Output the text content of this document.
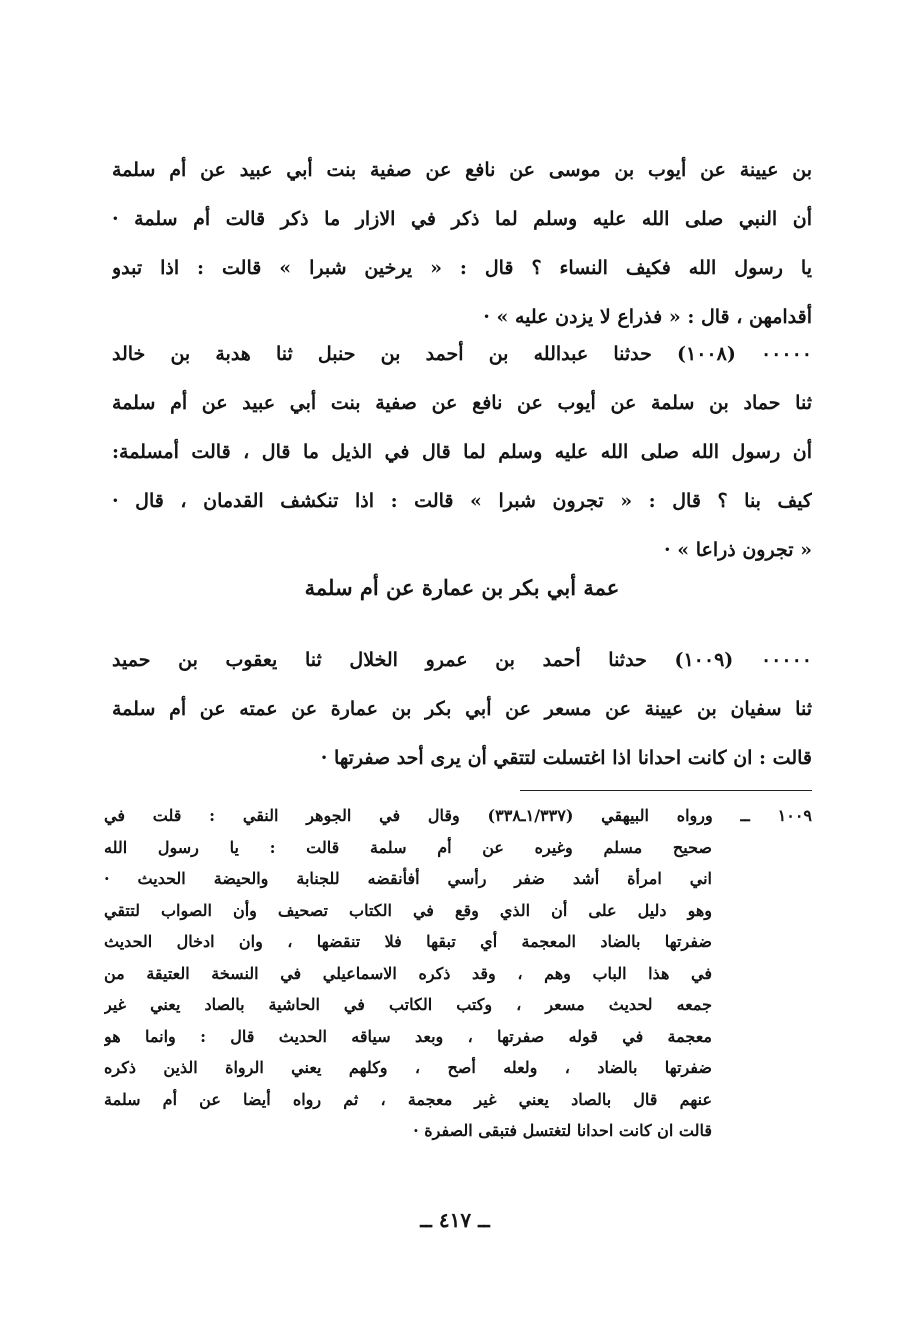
بن عيينة عن أيوب بن موسى عن نافع عن صفية بنت أبي عبيد عن أم سلمة
أن النبي صلى الله عليه وسلم لما ذكر في الازار ما ذكر قالت أم سلمة ·
يا رسول الله فكيف النساء ؟ قال : « يرخين شبرا » قالت : اذا تبدو
أقدامهن ، قال : « فذراع لا يزدن عليه » ·
٠٠٠٠٠ (١٠٠٨) حدثنا عبدالله بن أحمد بن حنبل ثنا هدبة بن خالد
ثنا حماد بن سلمة عن أيوب عن نافع عن صفية بنت أبي عبيد عن أم سلمة
أن رسول الله صلى الله عليه وسلم لما قال في الذيل ما قال ، قالت أمسلمة:
كيف بنا ؟ قال : « تجرون شبرا » قالت : اذا تنكشف القدمان ، قال ·
« تجرون ذراعا » ·
عمة أبي بكر بن عمارة عن أم سلمة
٠٠٠٠٠ (١٠٠٩) حدثنا أحمد بن عمرو الخلال ثنا يعقوب بن حميد
ثنا سفيان بن عيينة عن مسعر عن أبي بكر بن عمارة عن عمته عن أم سلمة
قالت : ان كانت احدانا اذا اغتسلت لتتقي أن يرى أحد صفرتها ·
١٠٠٩ ــ ورواه البيهقي (١/٣٣٧ـ٣٣٨) وقال في الجوهر النقي : قلت في
صحيح مسلم وغيره عن أم سلمة قالت : يا رسول الله
اني امرأة أشد ضفر رأسي أفأنقضه للجنابة والحيضة الحديث ·
وهو دليل على أن الذي وقع في الكتاب تصحيف وأن الصواب لتتقي
ضفرتها بالضاد المعجمة أي تبقها فلا تنقضها ، وان ادخال الحديث
في هذا الباب وهم ، وقد ذكره الاسماعيلي في النسخة العتيقة من
جمعه لحديث مسعر ، وكتب الكاتب في الحاشية بالصاد يعني غير
معجمة في قوله صفرتها ، وبعد سياقه الحديث قال : وانما هو
ضفرتها بالضاد ، ولعله أصح ، وكلهم يعني الرواة الذين ذكره
عنهم قال بالصاد يعني غير معجمة ، ثم رواه أيضا عن أم سلمة
قالت ان كانت احدانا لتغتسل فتبقى الصفرة ·
ــ ٤١٧ ــ
